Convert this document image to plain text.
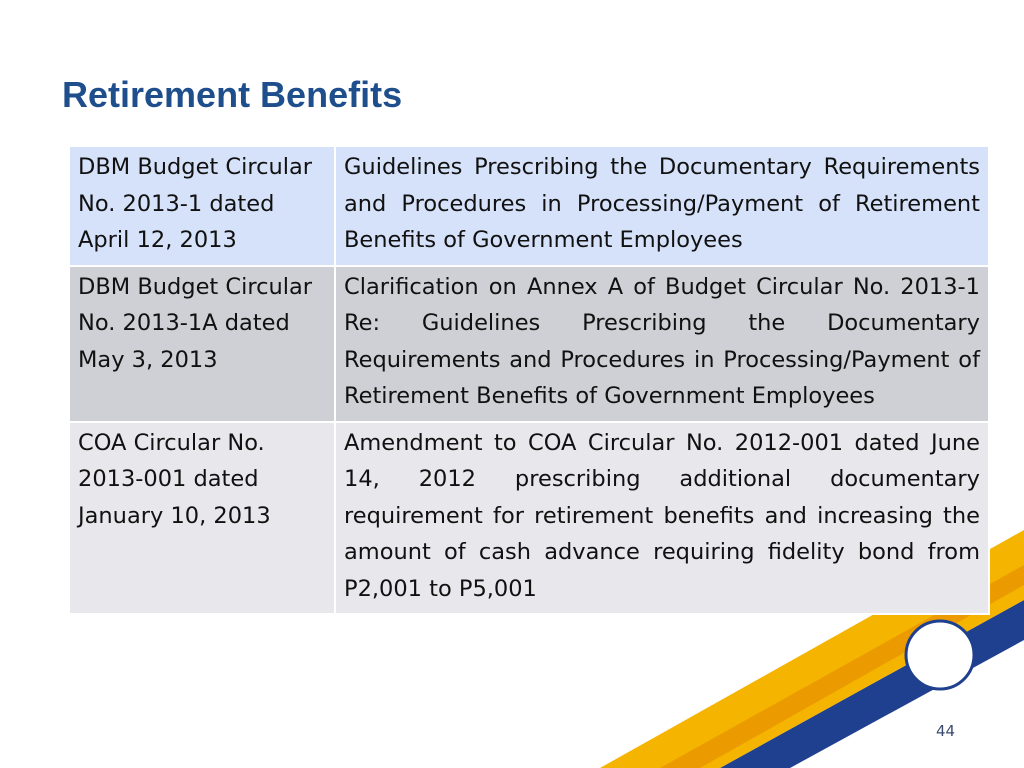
Retirement Benefits
DBM Budget Circular No. 2013-1 dated April 12, 2013	Guidelines Prescribing the Documentary Requirements and Procedures in Processing/Payment of Retirement Benefits of Government Employees
DBM Budget Circular No. 2013-1A dated May 3, 2013	Clarification on Annex A of Budget Circular No. 2013-1 Re: Guidelines Prescribing the Documentary Requirements and Procedures in Processing/Payment of Retirement Benefits of Government Employees
COA Circular No. 2013-001 dated January 10, 2013	Amendment to COA Circular No. 2012-001 dated June 14, 2012 prescribing additional documentary requirement for retirement benefits and increasing the amount of cash advance requiring fidelity bond from P2,001 to P5,001
44
